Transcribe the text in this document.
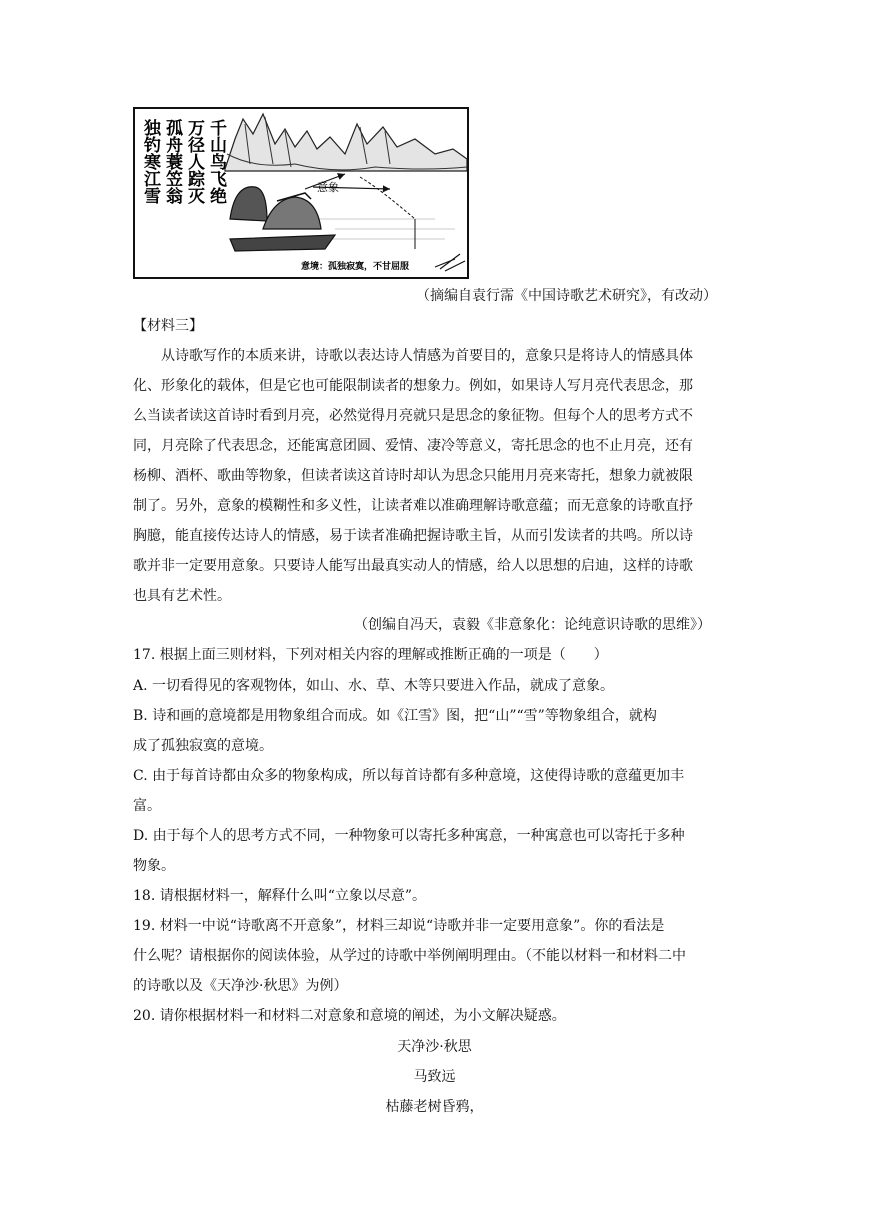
千山鸟飞绝
万径人踪灭
孤舟蓑笠翁
独钓寒江雪	意象
意境：孤独寂寞，不甘屈服
（摘编自袁行霈《中国诗歌艺术研究》，有改动）
【材料三】
从诗歌写作的本质来讲，诗歌以表达诗人情感为首要目的，意象只是将诗人的情感具体
化、形象化的载体，但是它也可能限制读者的想象力。例如，如果诗人写月亮代表思念，那
么当读者读这首诗时看到月亮，必然觉得月亮就只是思念的象征物。但每个人的思考方式不
同，月亮除了代表思念，还能寓意团圆、爱情、凄冷等意义，寄托思念的也不止月亮，还有
杨柳、酒杯、歌曲等物象，但读者读这首诗时却认为思念只能用月亮来寄托，想象力就被限
制了。另外，意象的模糊性和多义性，让读者难以准确理解诗歌意蕴；而无意象的诗歌直抒
胸臆，能直接传达诗人的情感，易于读者准确把握诗歌主旨，从而引发读者的共鸣。所以诗
歌并非一定要用意象。只要诗人能写出最真实动人的情感，给人以思想的启迪，这样的诗歌
也具有艺术性。
（创编自冯天，袁毅《非意象化：论纯意识诗歌的思维》）
17. 根据上面三则材料，下列对相关内容的理解或推断正确的一项是（　　）
A. 一切看得见的客观物体，如山、水、草、木等只要进入作品，就成了意象。
B. 诗和画的意境都是用物象组合而成。如《江雪》图，把“山”“雪”等物象组合，就构
成了孤独寂寞的意境。
C. 由于每首诗都由众多的物象构成，所以每首诗都有多种意境，这使得诗歌的意蕴更加丰
富。
D. 由于每个人的思考方式不同，一种物象可以寄托多种寓意，一种寓意也可以寄托于多种
物象。
18. 请根据材料一，解释什么叫“立象以尽意”。
19. 材料一中说“诗歌离不开意象”，材料三却说“诗歌并非一定要用意象”。你的看法是
什么呢？请根据你的阅读体验，从学过的诗歌中举例阐明理由。（不能以材料一和材料二中
的诗歌以及《天净沙·秋思》为例）
20. 请你根据材料一和材料二对意象和意境的阐述，为小文解决疑惑。
天净沙·秋思
马致远
枯藤老树昏鸦，
